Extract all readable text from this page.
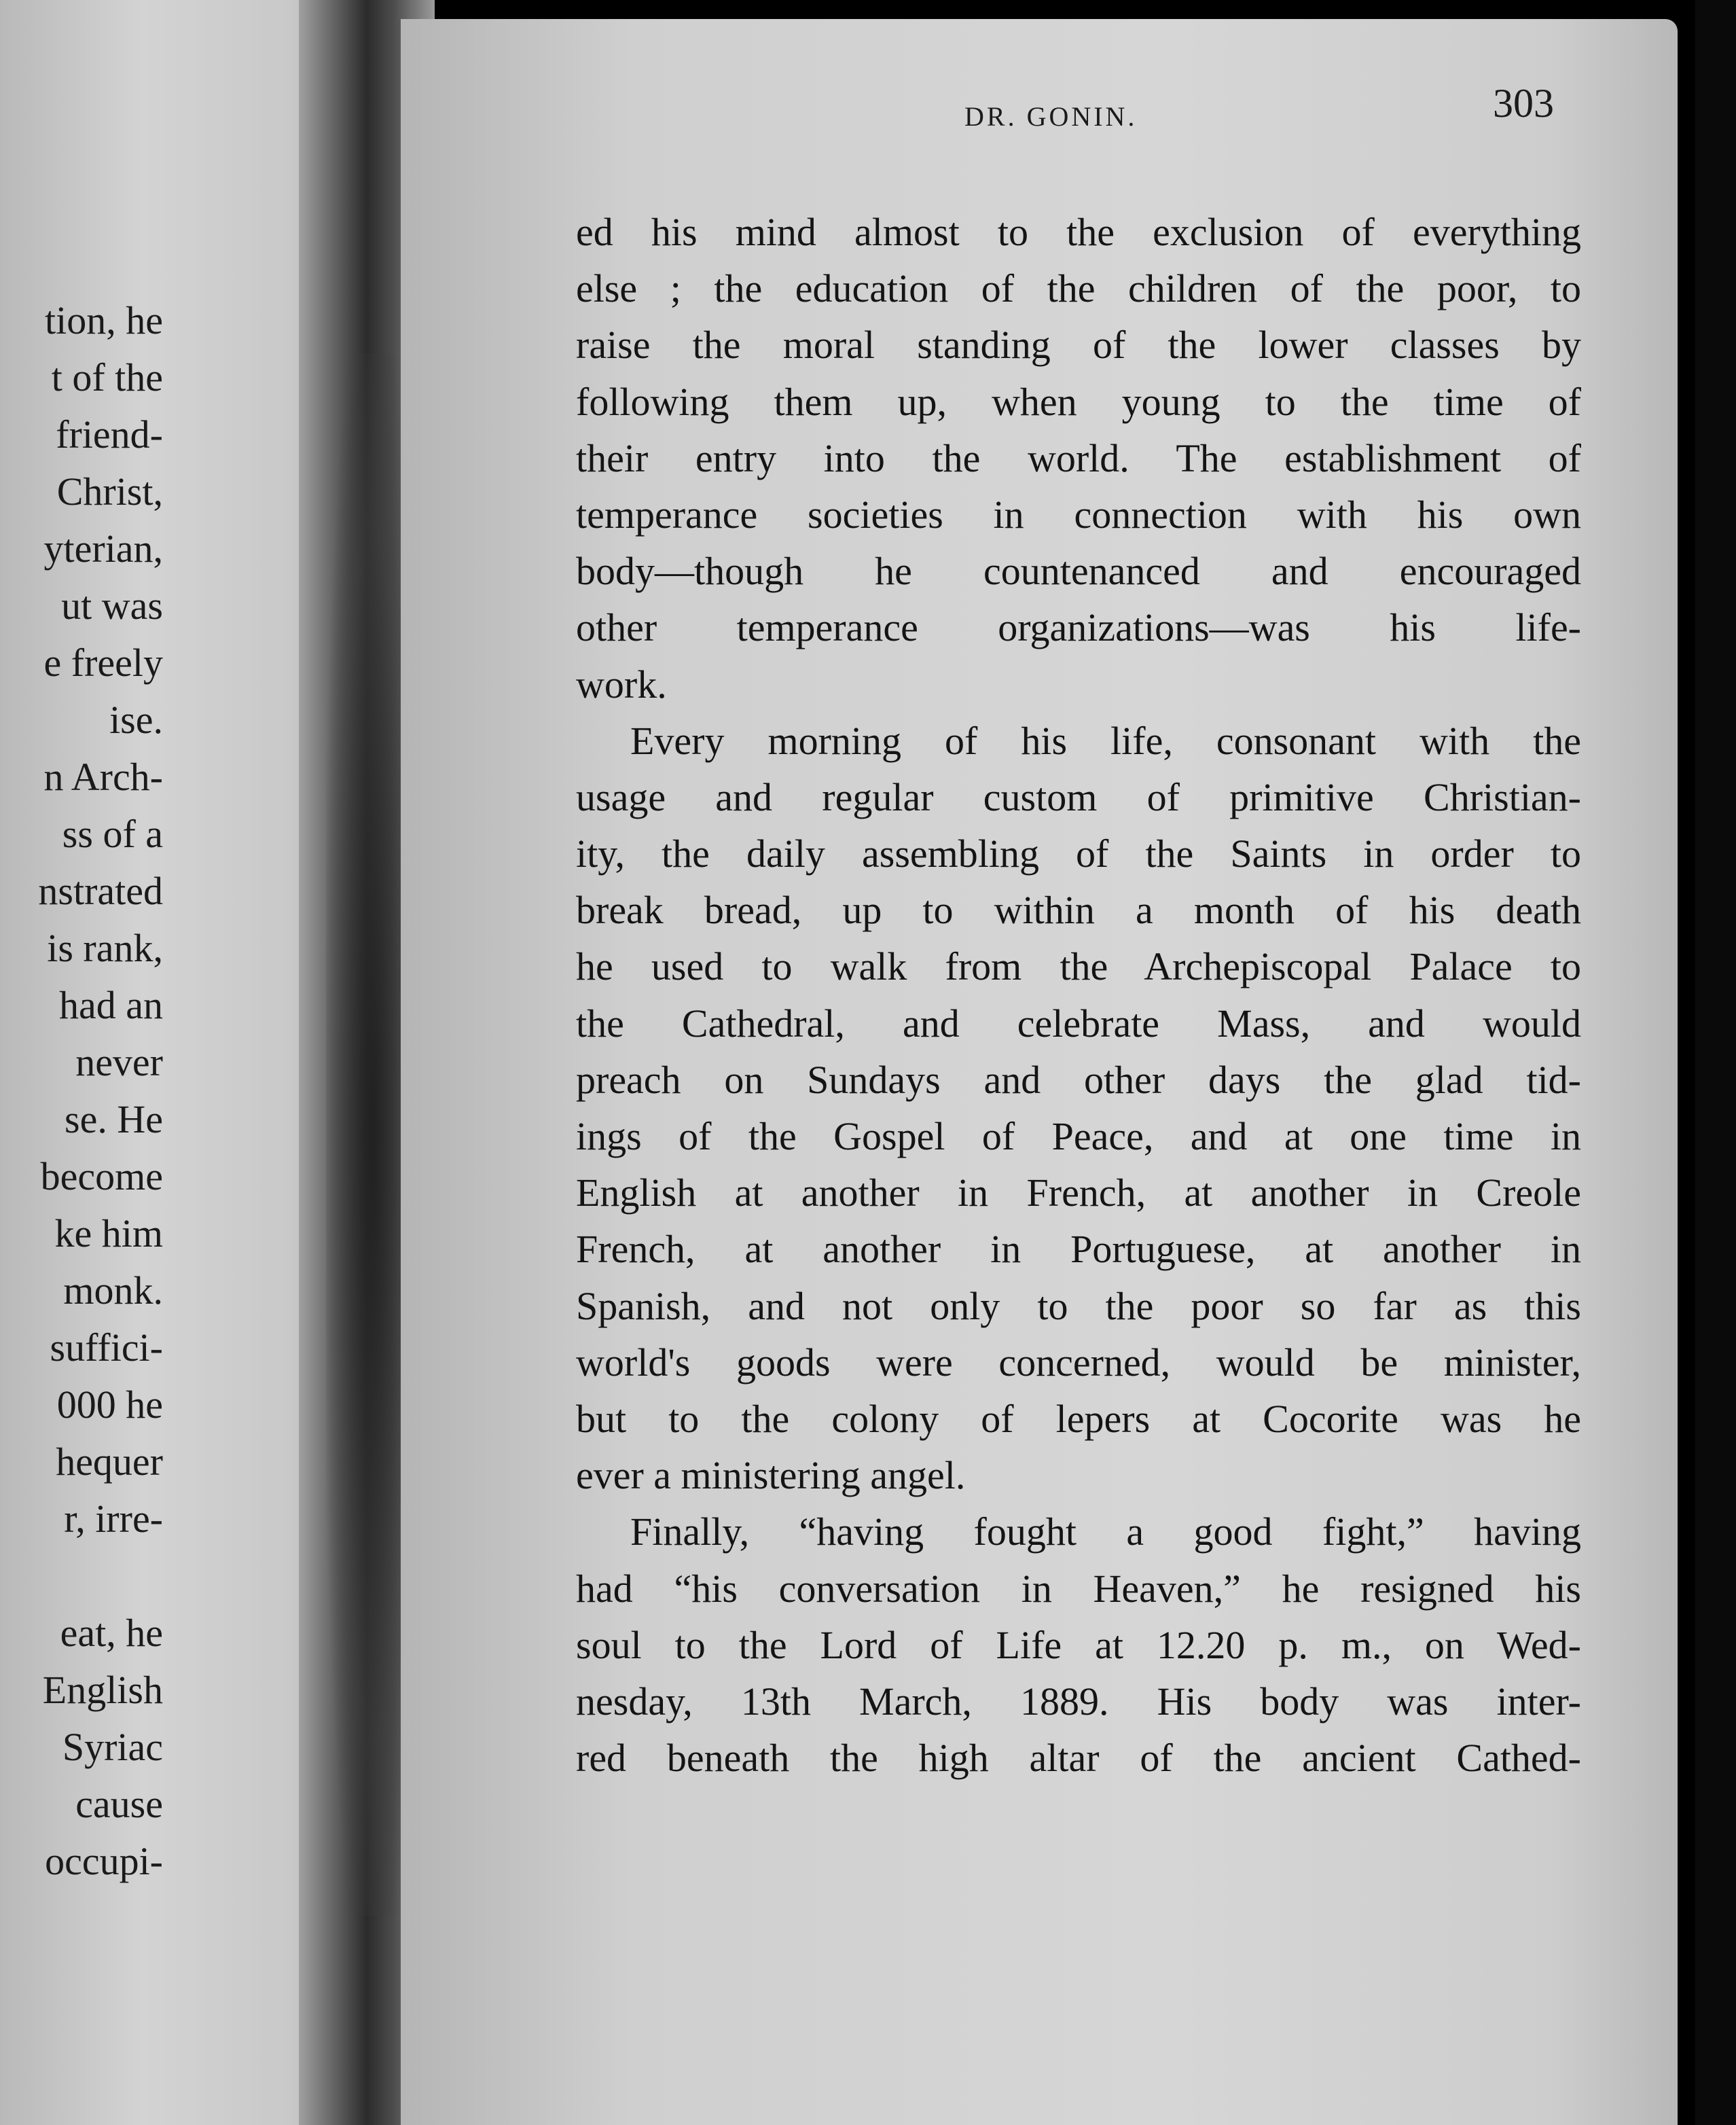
tion, he
t of the
friend-
Christ,
yterian,
ut was
e freely
ise.
n Arch-
ss of a
nstrated
is rank,
had an
never
se. He
become
ke him
monk.
suffici-
000 he
hequer
r, irre-
eat, he
English
Syriac
cause
occupi-
DR. GONIN.	303
ed his mind almost to the exclusion of everything
else ; the education of the children of the poor, to
raise the moral standing of the lower classes by
following them up, when young to the time of
their entry into the world. The establishment of
temperance societies in connection with his own
body—though he countenanced and encouraged
other temperance organizations—was his life-
work.
Every morning of his life, consonant with the
usage and regular custom of primitive Christian-
ity, the daily assembling of the Saints in order to
break bread, up to within a month of his death
he used to walk from the Archepiscopal Palace to
the Cathedral, and celebrate Mass, and would
preach on Sundays and other days the glad tid-
ings of the Gospel of Peace, and at one time in
English at another in French, at another in Creole
French, at another in Portuguese, at another in
Spanish, and not only to the poor so far as this
world's goods were concerned, would be minister,
but to the colony of lepers at Cocorite was he
ever a ministering angel.
Finally, “having fought a good fight,” having
had “his conversation in Heaven,” he resigned his
soul to the Lord of Life at 12.20 p. m., on Wed-
nesday, 13th March, 1889. His body was inter-
red beneath the high altar of the ancient Cathed-
